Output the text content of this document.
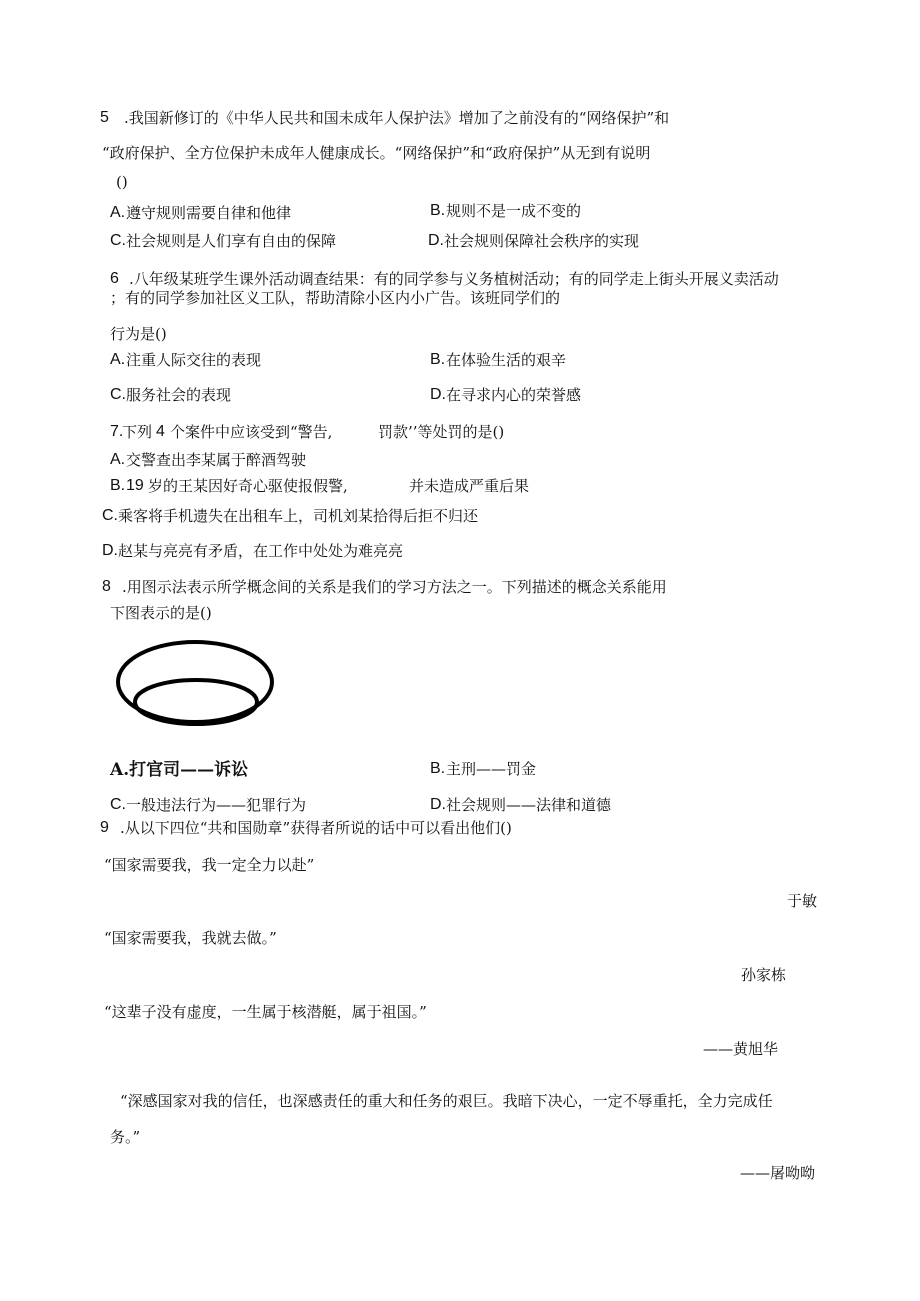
5 .我国新修订的《中华人民共和国未成年人保护法》增加了之前没有的“网络保护”和
“政府保护、全方位保护未成年人健康成长。“网络保护”和“政府保护”从无到有说明
()
A. 遵守规则需要自律和他律	B. 规则不是一成不变的
C. 社会规则是人们享有自由的保障	D. 社会规则保障社会秩序的实现
6 .八年级某班学生课外活动调查结果：有的同学参与义务植树活动；有的同学走上街头开展义卖活动
；有的同学参加社区义工队，帮助清除小区内小广告。该班同学们的
行为是()
A. 注重人际交往的表现	B. 在体验生活的艰辛
C. 服务社会的表现	D. 在寻求内心的荣誉感
7.
下列 4 个案件中应该受到“警告,	罚款’’等处罚的是()
A. 交警查出李某属于醉酒驾驶
B. 19 岁的王某因好奇心驱使报假警,	并未造成严重后果
C. 乘客将手机遗失在出租车上，司机刘某拾得后拒不归还
D. 赵某与亮亮有矛盾，在工作中处处为难亮亮
8 .用图示法表示所学概念间的关系是我们的学习方法之一。下列描述的概念关系能用
下图表示的是()
A.打官司——诉讼	B. 主刑——罚金
C. 一般违法行为——犯罪行为	D. 社会规则——法律和道德
9 .从以下四位“共和国勋章”获得者所说的话中可以看出他们()
“国家需要我，我一定全力以赴”
于敏
“国家需要我，我就去做。”
孙家栋
“这辈子没有虚度，一生属于核潜艇，属于祖国。”
——黄旭华
“深感国家对我的信任，也深感责任的重大和任务的艰巨。我暗下决心，一定不辱重托，全力完成任
务。”
——屠呦呦
